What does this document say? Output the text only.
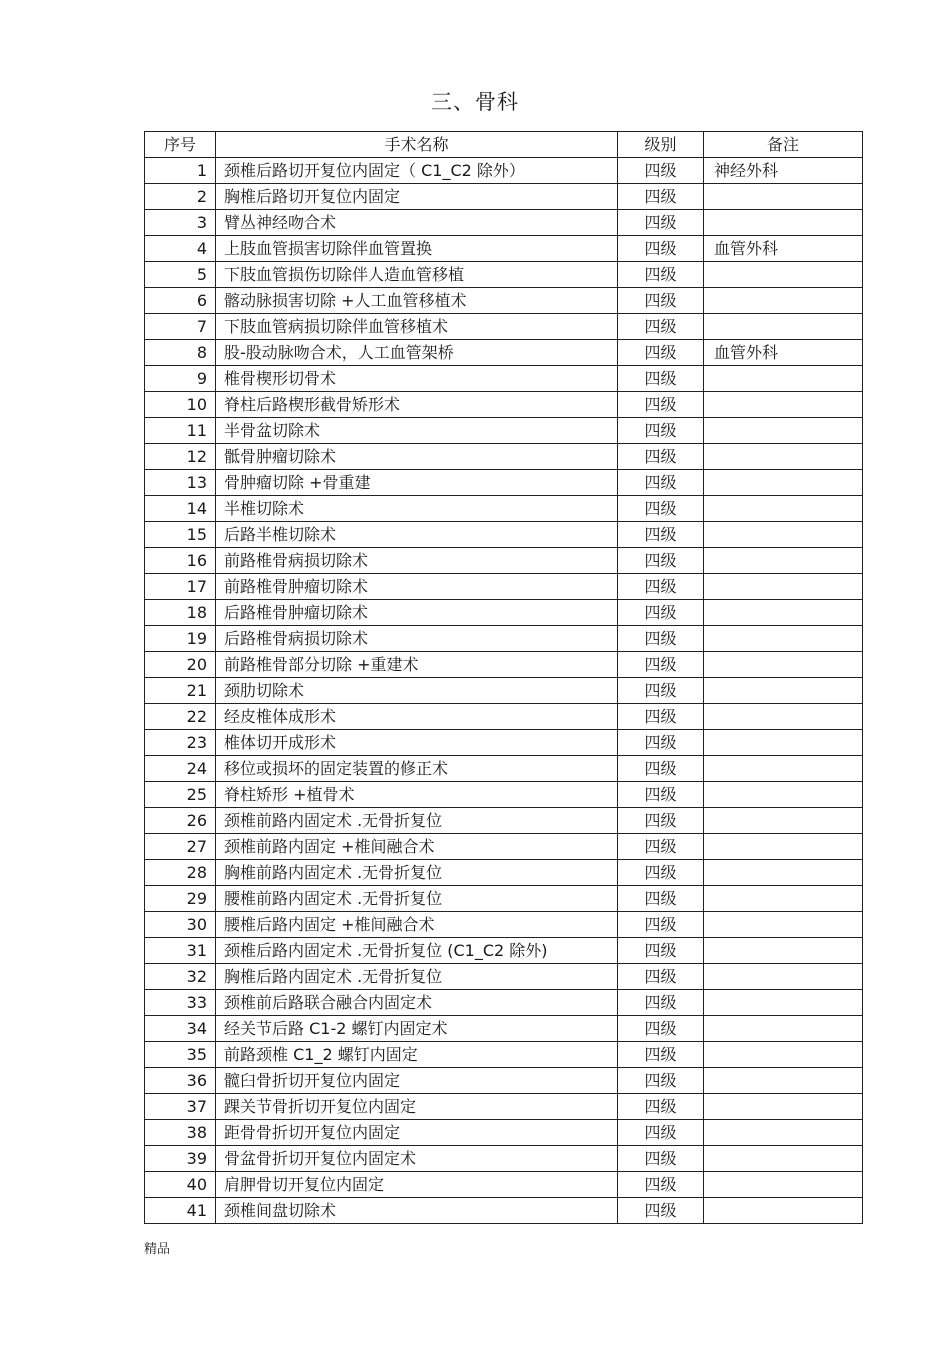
三、骨科
序号	手术名称	级别	备注
1	颈椎后路切开复位内固定（ C1_C2 除外）	四级	神经外科
2	胸椎后路切开复位内固定	四级	
3	臂丛神经吻合术	四级	
4	上肢血管损害切除伴血管置换	四级	血管外科
5	下肢血管损伤切除伴人造血管移植	四级	
6	髂动脉损害切除 +人工血管移植术	四级	
7	下肢血管病损切除伴血管移植术	四级	
8	股-股动脉吻合术，人工血管架桥	四级	血管外科
9	椎骨楔形切骨术	四级	
10	脊柱后路楔形截骨矫形术	四级	
11	半骨盆切除术	四级	
12	骶骨肿瘤切除术	四级	
13	骨肿瘤切除 +骨重建	四级	
14	半椎切除术	四级	
15	后路半椎切除术	四级	
16	前路椎骨病损切除术	四级	
17	前路椎骨肿瘤切除术	四级	
18	后路椎骨肿瘤切除术	四级	
19	后路椎骨病损切除术	四级	
20	前路椎骨部分切除 +重建术	四级	
21	颈肋切除术	四级	
22	经皮椎体成形术	四级	
23	椎体切开成形术	四级	
24	移位或损坏的固定装置的修正术	四级	
25	脊柱矫形 +植骨术	四级	
26	颈椎前路内固定术 .无骨折复位	四级	
27	颈椎前路内固定 +椎间融合术	四级	
28	胸椎前路内固定术 .无骨折复位	四级	
29	腰椎前路内固定术 .无骨折复位	四级	
30	腰椎后路内固定 +椎间融合术	四级	
31	颈椎后路内固定术 .无骨折复位 (C1_C2 除外)	四级	
32	胸椎后路内固定术 .无骨折复位	四级	
33	颈椎前后路联合融合内固定术	四级	
34	经关节后路 C1-2 螺钉内固定术	四级	
35	前路颈椎 C1_2 螺钉内固定	四级	
36	髋臼骨折切开复位内固定	四级	
37	踝关节骨折切开复位内固定	四级	
38	距骨骨折切开复位内固定	四级	
39	骨盆骨折切开复位内固定术	四级	
40	肩胛骨切开复位内固定	四级	
41	颈椎间盘切除术	四级	
精品
